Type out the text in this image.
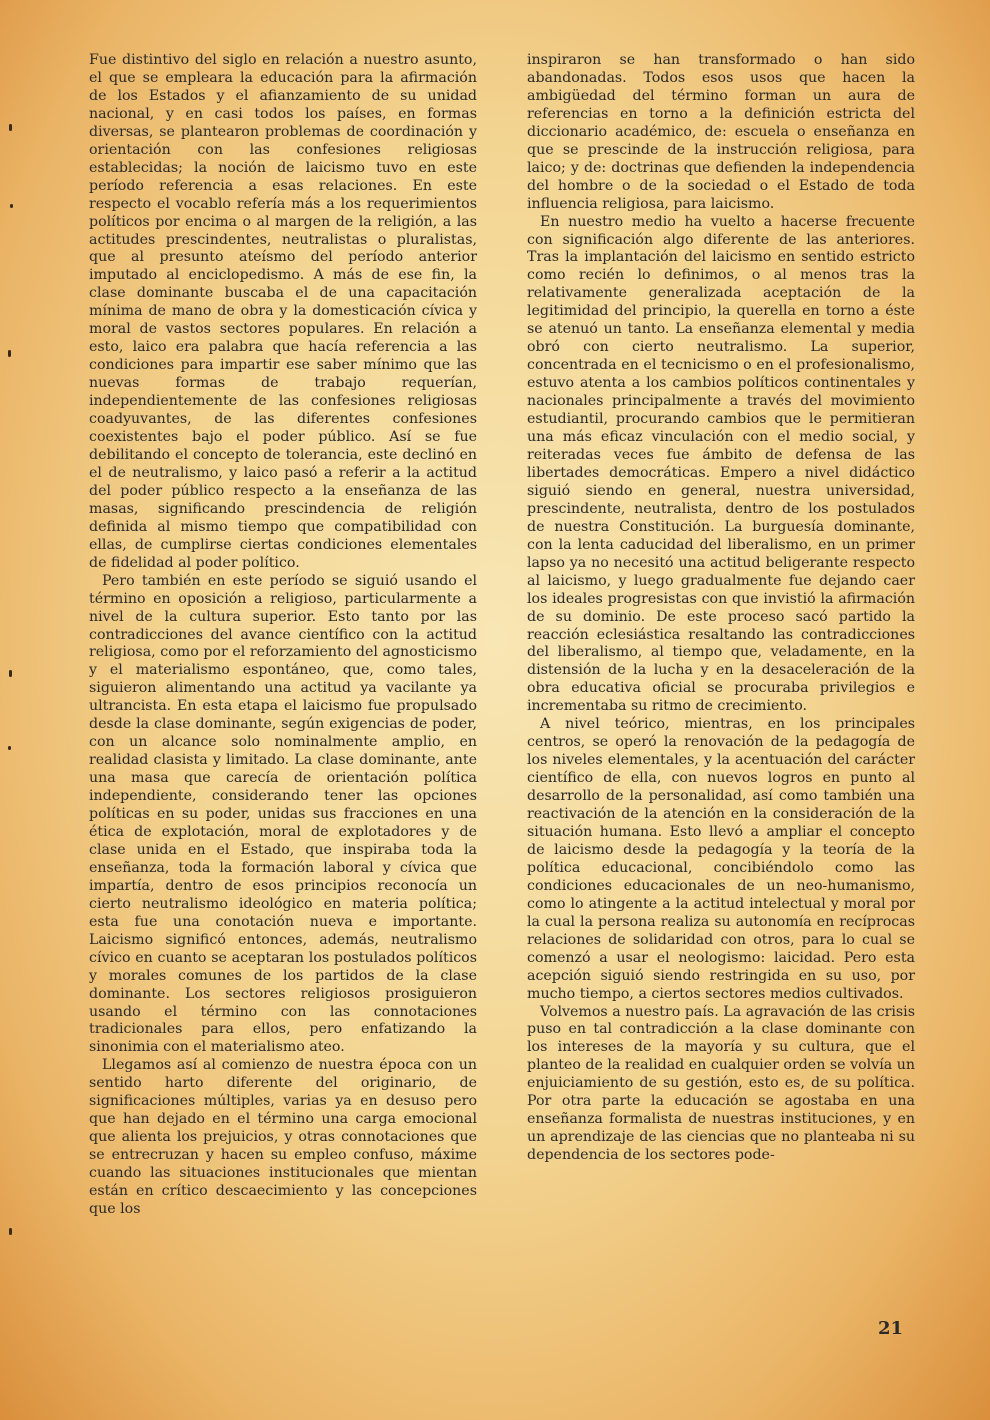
Fue distintivo del siglo en relación a nuestro asunto, el que se empleara la educación para la afirmación de los Estados y el afianzamiento de su unidad nacional, y en casi todos los países, en formas diversas, se plantearon problemas de coordinación y orientación con las confesiones religiosas establecidas; la noción de laicismo tuvo en este período referencia a esas relaciones. En este respecto el vocablo refería más a los requerimientos políticos por encima o al margen de la religión, a las actitudes prescindentes, neutralistas o pluralistas, que al presunto ateísmo del período anterior imputado al enciclopedismo. A más de ese fin, la clase dominante buscaba el de una capacitación mínima de mano de obra y la domesticación cívica y moral de vastos sectores populares. En relación a esto, laico era palabra que hacía referencia a las condiciones para impartir ese saber mínimo que las nuevas formas de trabajo requerían, independientemente de las confesiones religiosas coadyuvantes, de las diferentes confesiones coexistentes bajo el poder público. Así se fue debilitando el concepto de tolerancia, este declinó en el de neutralismo, y laico pasó a referir a la actitud del poder público respecto a la enseñanza de las masas, significando prescindencia de religión definida al mismo tiempo que compatibilidad con ellas, de cumplirse ciertas condiciones elementales de fidelidad al poder político.

Pero también en este período se siguió usando el término en oposición a religioso, particularmente a nivel de la cultura superior. Esto tanto por las contradicciones del avance científico con la actitud religiosa, como por el reforzamiento del agnosticismo y el materialismo espontáneo, que, como tales, siguieron alimentando una actitud ya vacilante ya ultrancista. En esta etapa el laicismo fue propulsado desde la clase dominante, según exigencias de poder, con un alcance solo nominalmente amplio, en realidad clasista y limitado. La clase dominante, ante una masa que carecía de orientación política independiente, considerando tener las opciones políticas en su poder, unidas sus fracciones en una ética de explotación, moral de explotadores y de clase unida en el Estado, que inspiraba toda la enseñanza, toda la formación laboral y cívica que impartía, dentro de esos principios reconocía un cierto neutralismo ideológico en materia política; esta fue una conotación nueva e importante. Laicismo significó entonces, además, neutralismo cívico en cuanto se aceptaran los postulados políticos y morales comunes de los partidos de la clase dominante. Los sectores religiosos prosiguieron usando el término con las connotaciones tradicionales para ellos, pero enfatizando la sinonimia con el materialismo ateo.

Llegamos así al comienzo de nuestra época con un sentido harto diferente del originario, de significaciones múltiples, varias ya en desuso pero que han dejado en el término una carga emocional que alienta los prejuicios, y otras connotaciones que se entrecruzan y hacen su empleo confuso, máxime cuando las situaciones institucionales que mientan están en crítico descaecimiento y las concepciones que los

inspiraron se han transformado o han sido abandonadas. Todos esos usos que hacen la ambigüedad del término forman un aura de referencias en torno a la definición estricta del diccionario académico, de: escuela o enseñanza en que se prescinde de la instrucción religiosa, para laico; y de: doctrinas que defienden la independencia del hombre o de la sociedad o el Estado de toda influencia religiosa, para laicismo.

En nuestro medio ha vuelto a hacerse frecuente con significación algo diferente de las anteriores. Tras la implantación del laicismo en sentido estricto como recién lo definimos, o al menos tras la relativamente generalizada aceptación de la legitimidad del principio, la querella en torno a éste se atenuó un tanto. La enseñanza elemental y media obró con cierto neutralismo. La superior, concentrada en el tecnicismo o en el profesionalismo, estuvo atenta a los cambios políticos continentales y nacionales principalmente a través del movimiento estudiantil, procurando cambios que le permitieran una más eficaz vinculación con el medio social, y reiteradas veces fue ámbito de defensa de las libertades democráticas. Empero a nivel didáctico siguió siendo en general, nuestra universidad, prescindente, neutralista, dentro de los postulados de nuestra Constitución. La burguesía dominante, con la lenta caducidad del liberalismo, en un primer lapso ya no necesitó una actitud beligerante respecto al laicismo, y luego gradualmente fue dejando caer los ideales progresistas con que invistió la afirmación de su dominio. De este proceso sacó partido la reacción eclesiástica resaltando las contradicciones del liberalismo, al tiempo que, veladamente, en la distensión de la lucha y en la desaceleración de la obra educativa oficial se procuraba privilegios e incrementaba su ritmo de crecimiento.

A nivel teórico, mientras, en los principales centros, se operó la renovación de la pedagogía de los niveles elementales, y la acentuación del carácter científico de ella, con nuevos logros en punto al desarrollo de la personalidad, así como también una reactivación de la atención en la consideración de la situación humana. Esto llevó a ampliar el concepto de laicismo desde la pedagogía y la teoría de la política educacional, concibiéndolo como las condiciones educacionales de un neo-humanismo, como lo atingente a la actitud intelectual y moral por la cual la persona realiza su autonomía en recíprocas relaciones de solidaridad con otros, para lo cual se comenzó a usar el neologismo: laicidad. Pero esta acepción siguió siendo restringida en su uso, por mucho tiempo, a ciertos sectores medios cultivados.

Volvemos a nuestro país. La agravación de las crisis puso en tal contradicción a la clase dominante con los intereses de la mayoría y su cultura, que el planteo de la realidad en cualquier orden se volvía un enjuiciamiento de su gestión, esto es, de su política. Por otra parte la educación se agostaba en una enseñanza formalista de nuestras instituciones, y en un aprendizaje de las ciencias que no planteaba ni su dependencia de los sectores pode-

21
